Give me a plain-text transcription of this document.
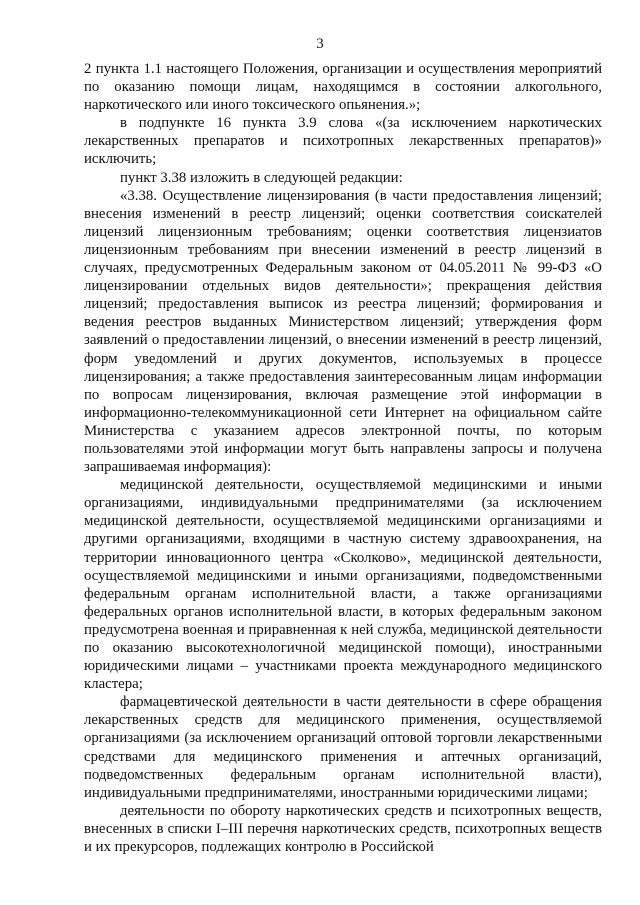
3

2 пункта 1.1 настоящего Положения, организации и осуществления мероприятий по оказанию помощи лицам, находящимся в состоянии алкогольного, наркотического или иного токсического опьянения.»;

в подпункте 16 пункта 3.9 слова «(за исключением наркотических лекарственных препаратов и психотропных лекарственных препаратов)» исключить;

пункт 3.38 изложить в следующей редакции:

«3.38. Осуществление лицензирования (в части предоставления лицензий; внесения изменений в реестр лицензий; оценки соответствия соискателей лицензий лицензионным требованиям; оценки соответствия лицензиатов лицензионным требованиям при внесении изменений в реестр лицензий в случаях, предусмотренных Федеральным законом от 04.05.2011 № 99-ФЗ «О лицензировании отдельных видов деятельности»; прекращения действия лицензий; предоставления выписок из реестра лицензий; формирования и ведения реестров выданных Министерством лицензий; утверждения форм заявлений о предоставлении лицензий, о внесении изменений в реестр лицензий, форм уведомлений и других документов, используемых в процессе лицензирования; а также предоставления заинтересованным лицам информации по вопросам лицензирования, включая размещение этой информации в информационно-телекоммуникационной сети Интернет на официальном сайте Министерства с указанием адресов электронной почты, по которым пользователями этой информации могут быть направлены запросы и получена запрашиваемая информация):

медицинской деятельности, осуществляемой медицинскими и иными организациями, индивидуальными предпринимателями (за исключением медицинской деятельности, осуществляемой медицинскими организациями и другими организациями, входящими в частную систему здравоохранения, на территории инновационного центра «Сколково», медицинской деятельности, осуществляемой медицинскими и иными организациями, подведомственными федеральным органам исполнительной власти, а также организациями федеральных органов исполнительной власти, в которых федеральным законом предусмотрена военная и приравненная к ней служба, медицинской деятельности по оказанию высокотехнологичной медицинской помощи), иностранными юридическими лицами – участниками проекта международного медицинского кластера;

фармацевтической деятельности в части деятельности в сфере обращения лекарственных средств для медицинского применения, осуществляемой организациями (за исключением организаций оптовой торговли лекарственными средствами для медицинского применения и аптечных организаций, подведомственных федеральным органам исполнительной власти), индивидуальными предпринимателями, иностранными юридическими лицами;

деятельности по обороту наркотических средств и психотропных веществ, внесенных в списки I–III перечня наркотических средств, психотропных веществ и их прекурсоров, подлежащих контролю в Российской
